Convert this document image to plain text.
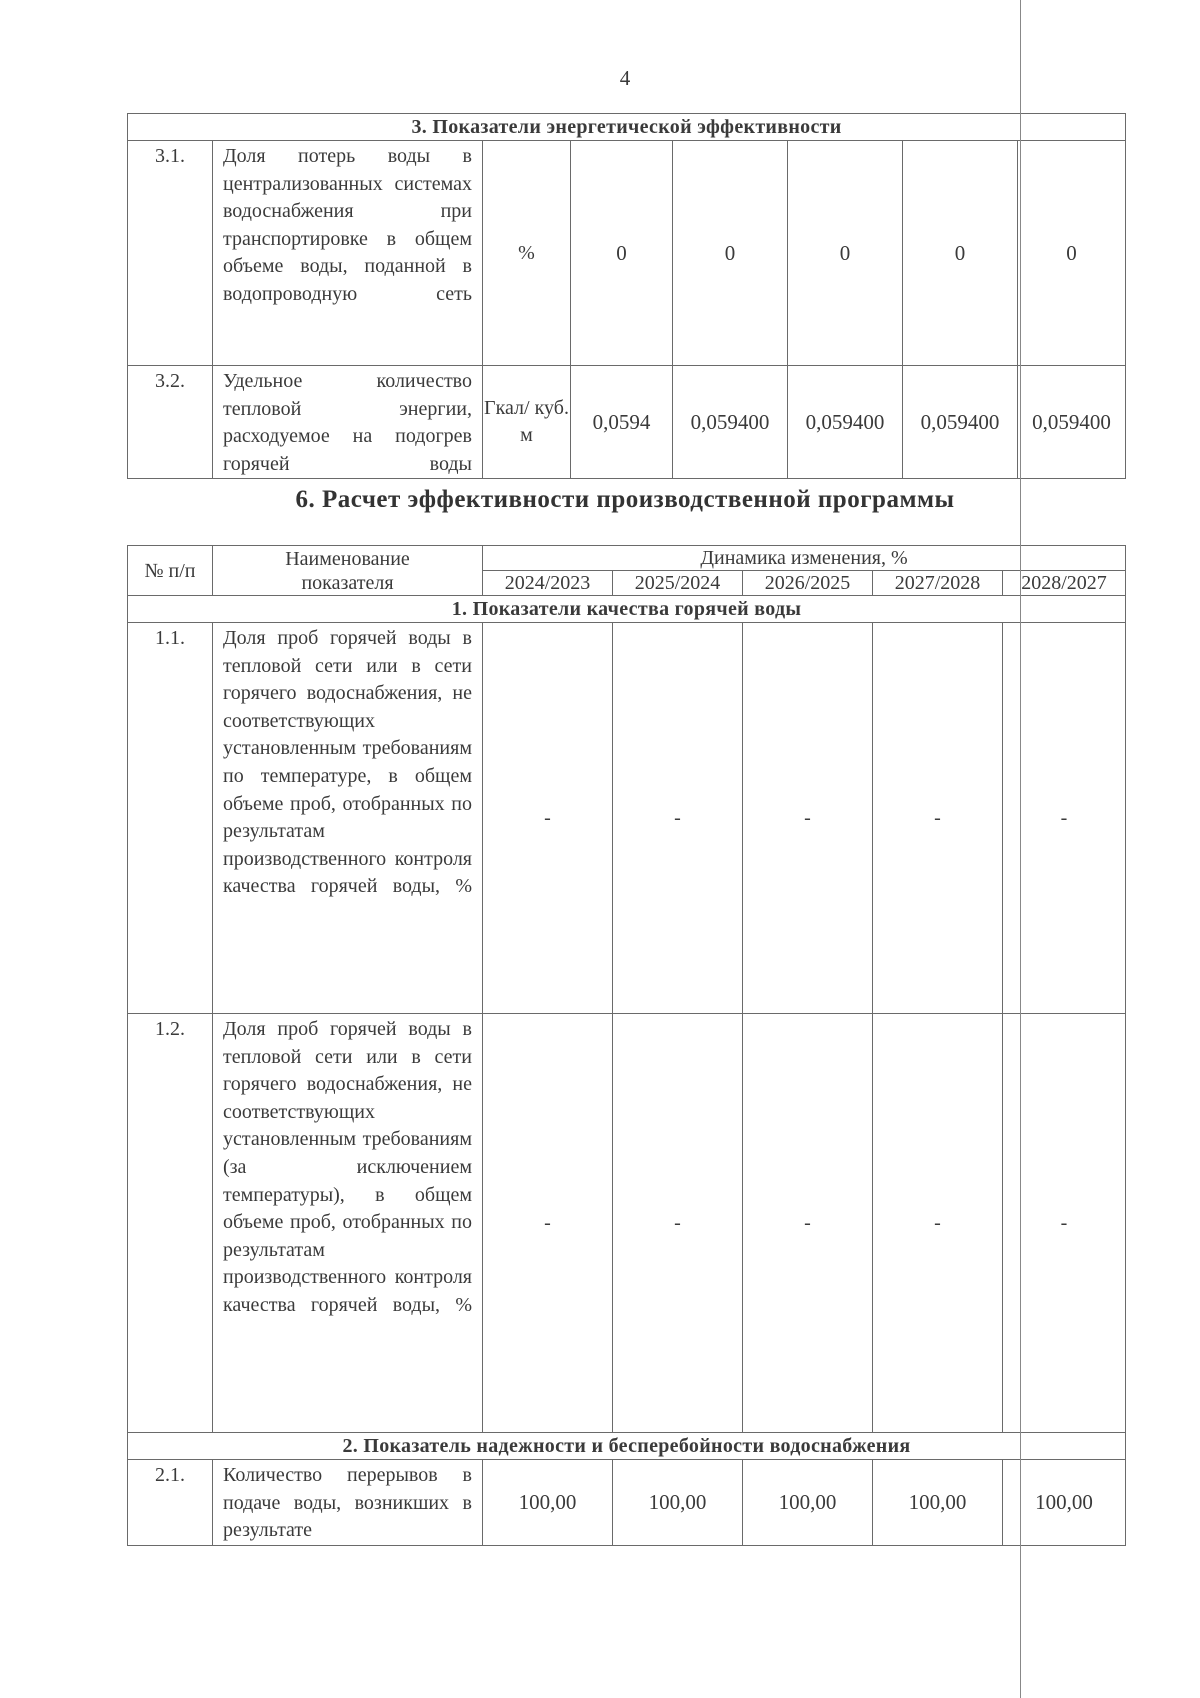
4
3. Показатели энергетической эффективности							
3.1.	Доля потерь воды в централизованных системах водоснабжения при транспортировке в общем объеме воды, поданной в водопроводную сеть	%	0	0	0	0	0
3.2.	Удельное количество тепловой энергии, расходуемое на подогрев горячей воды	Гкал/ куб. м	0,0594	0,059400	0,059400	0,059400	0,059400
6. Расчет эффективности производственной программы
№ п/п	Наименование показателя	Динамика изменения, %				
		2024/2023	2025/2024	2026/2025	2027/2028	2028/2027
1. Показатели качества горячей воды						
1.1.	Доля проб горячей воды в тепловой сети или в сети горячего водоснабжения, не соответствующих установленным требованиям по температуре, в общем объеме проб, отобранных по результатам производственного контроля качества горячей воды, %	-	-	-	-	-
1.2.	Доля проб горячей воды в тепловой сети или в сети горячего водоснабжения, не соответствующих установленным требованиям (за исключением температуры), в общем объеме проб, отобранных по результатам производственного контроля качества горячей воды, %	-	-	-	-	-
2. Показатель надежности и бесперебойности водоснабжения						
2.1.	Количество перерывов в подаче воды, возникших в результате	100,00	100,00	100,00	100,00	100,00
